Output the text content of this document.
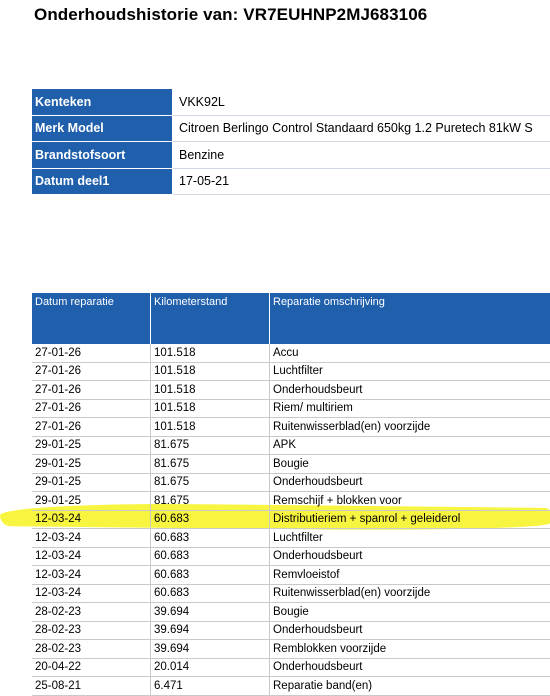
Onderhoudshistorie van: VR7EUHNP2MJ683106
Kenteken	VKK92L
Merk Model	Citroen Berlingo Control Standaard 650kg 1.2 Puretech 81kW S
Brandstofsoort	Benzine
Datum deel1	17-05-21
Datum reparatie	Kilometerstand	Reparatie omschrijving
27-01-26	101.518	Accu
27-01-26	101.518	Luchtfilter
27-01-26	101.518	Onderhoudsbeurt
27-01-26	101.518	Riem/ multiriem
27-01-26	101.518	Ruitenwisserblad(en) voorzijde
29-01-25	81.675	APK
29-01-25	81.675	Bougie
29-01-25	81.675	Onderhoudsbeurt
29-01-25	81.675	Remschijf + blokken voor
12-03-24	60.683	Distributieriem + spanrol + geleiderol
12-03-24	60.683	Luchtfilter
12-03-24	60.683	Onderhoudsbeurt
12-03-24	60.683	Remvloeistof
12-03-24	60.683	Ruitenwisserblad(en) voorzijde
28-02-23	39.694	Bougie
28-02-23	39.694	Onderhoudsbeurt
28-02-23	39.694	Remblokken voorzijde
20-04-22	20.014	Onderhoudsbeurt
25-08-21	6.471	Reparatie band(en)
